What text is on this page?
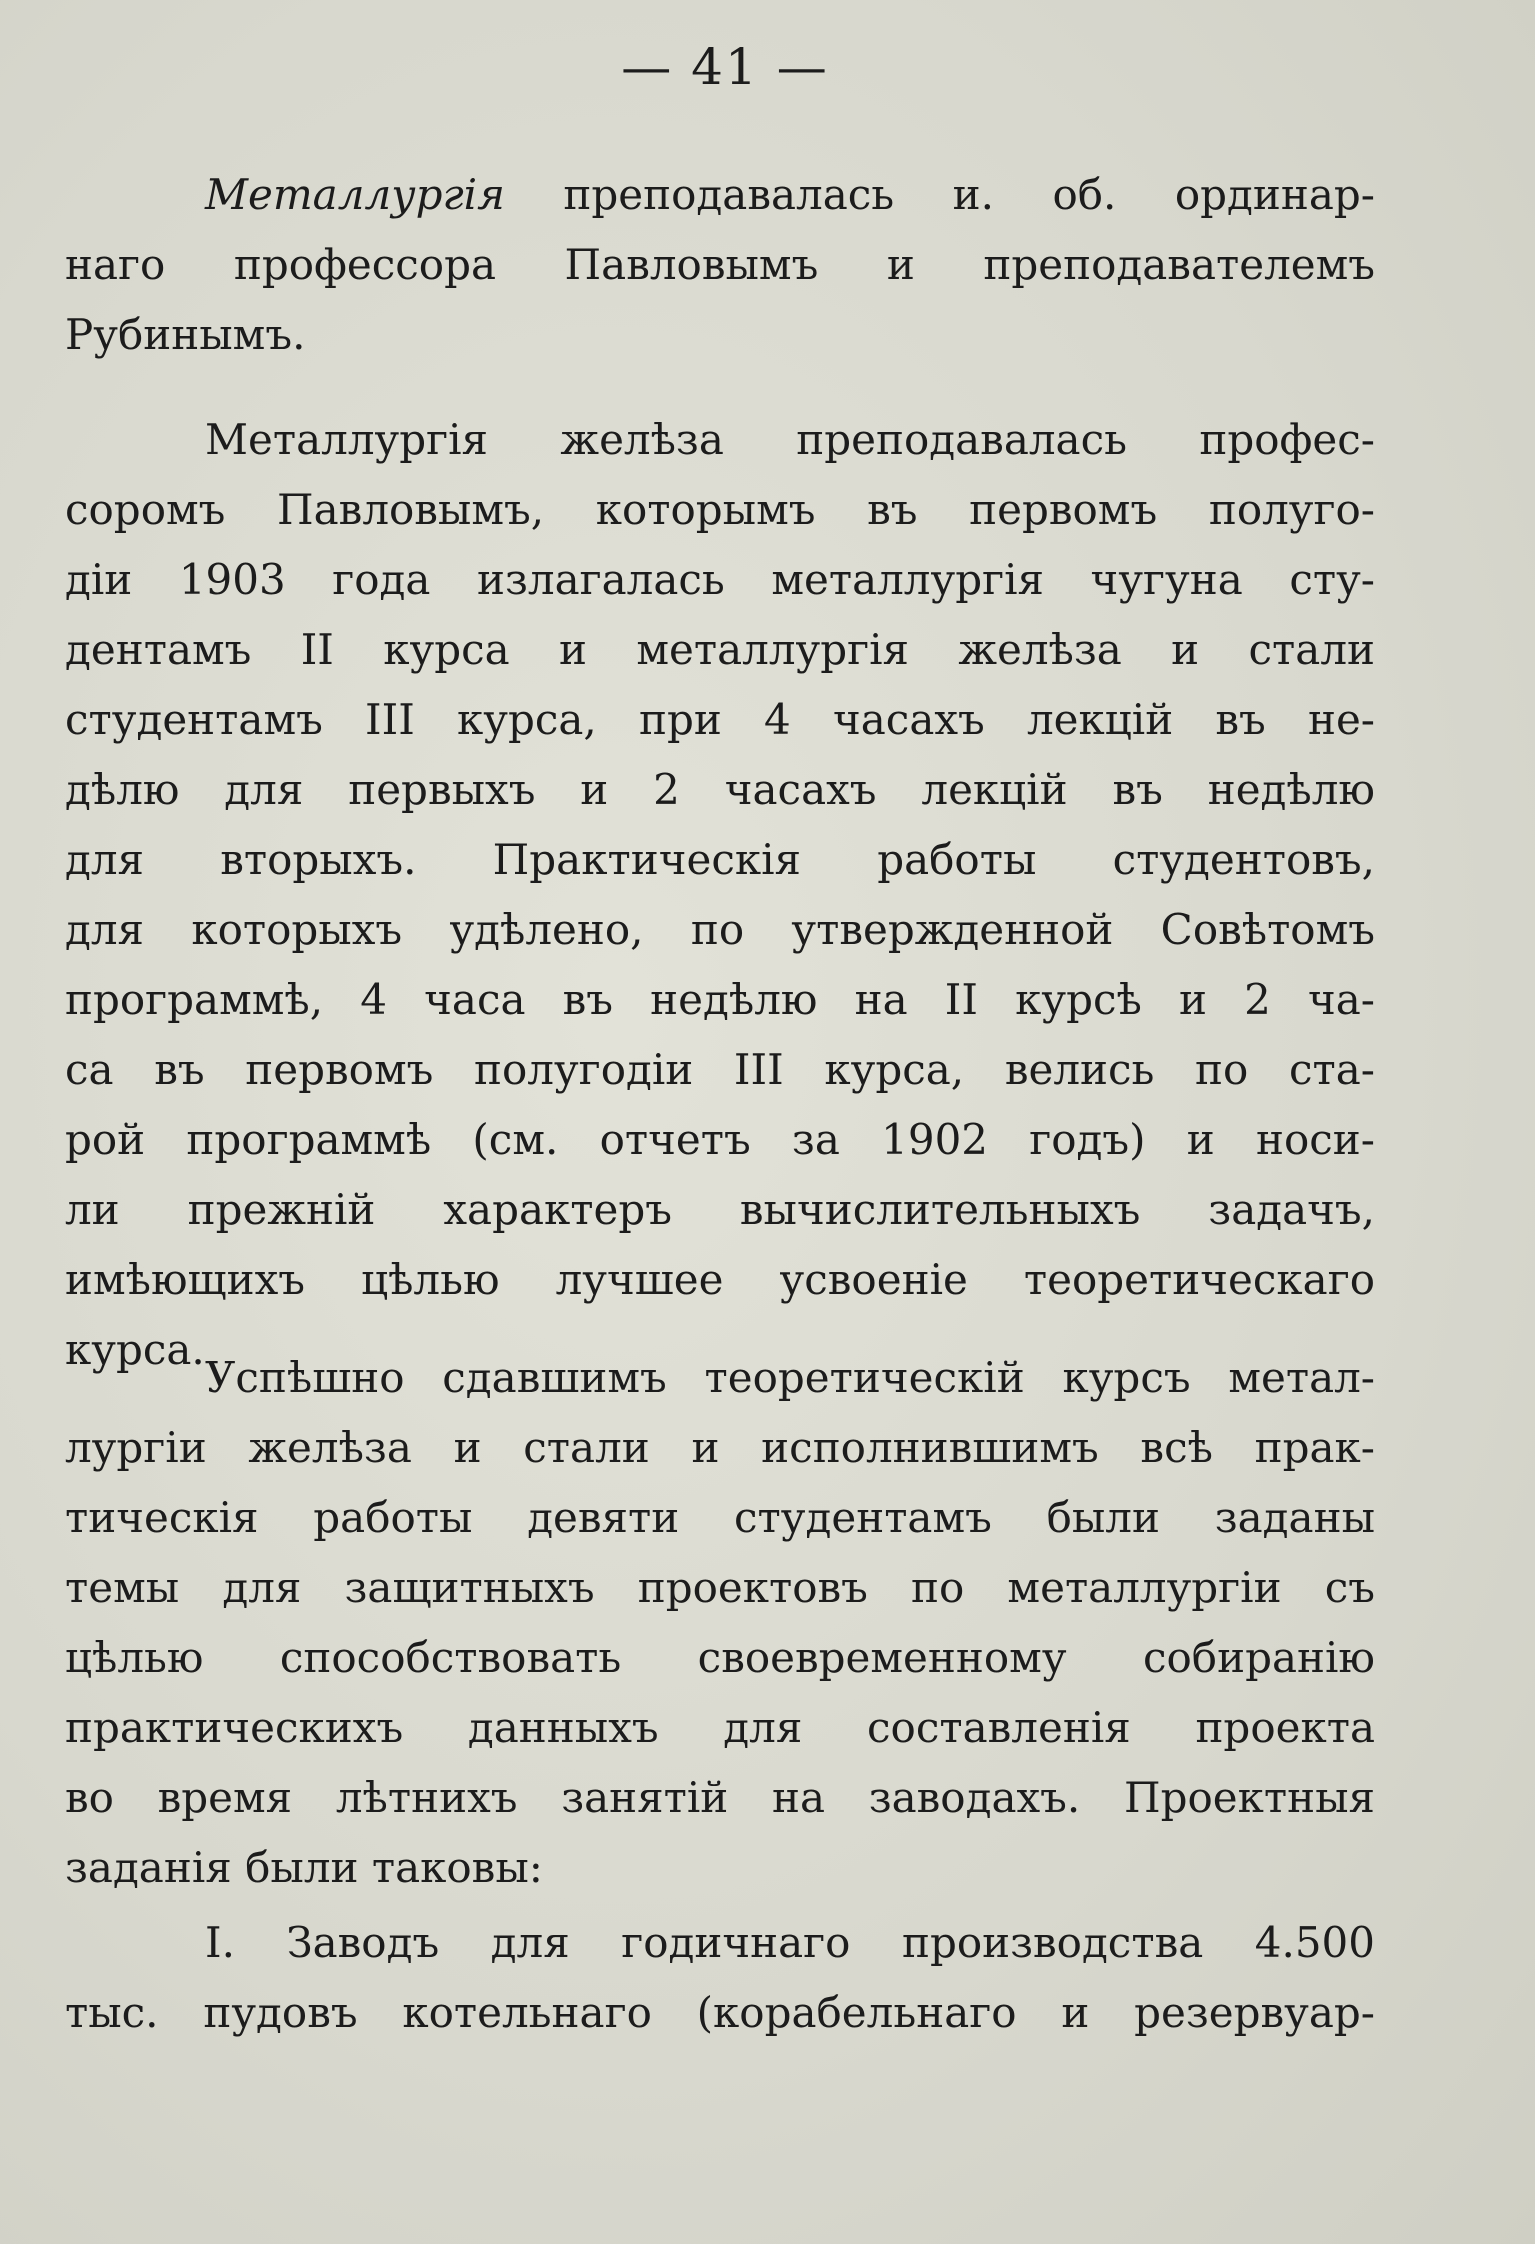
— 41 —
Металлургія преподавалась и. об. ординар-
наго профессора Павловымъ и преподавателемъ
Рубинымъ.
Металлургія желѣза преподавалась профес-
соромъ Павловымъ, которымъ въ первомъ полуго-
діи 1903 года излагалась металлургія чугуна сту-
дентамъ II курса и металлургія желѣза и стали
студентамъ III курса, при 4 часахъ лекцій въ не-
дѣлю для первыхъ и 2 часахъ лекцій въ недѣлю
для вторыхъ. Практическія работы студентовъ,
для которыхъ удѣлено, по утвержденной Совѣтомъ
программѣ, 4 часа въ недѣлю на II курсѣ и 2 ча-
са въ первомъ полугодіи III курса, велись по ста-
рой программѣ (см. отчетъ за 1902 годъ) и носи-
ли прежній характеръ вычислительныхъ задачъ,
имѣющихъ цѣлью лучшее усвоеніе теоретическаго
курса.
Успѣшно сдавшимъ теоретическій курсъ метал-
лургіи желѣза и стали и исполнившимъ всѣ прак-
тическія работы девяти студентамъ были заданы
темы для защитныхъ проектовъ по металлургіи съ
цѣлью способствовать своевременному собиранію
практическихъ данныхъ для составленія проекта
во время лѣтнихъ занятій на заводахъ. Проектныя
заданія были таковы:
I. Заводъ для годичнаго производства 4.500
тыс. пудовъ котельнаго (корабельнаго и резервуар-
